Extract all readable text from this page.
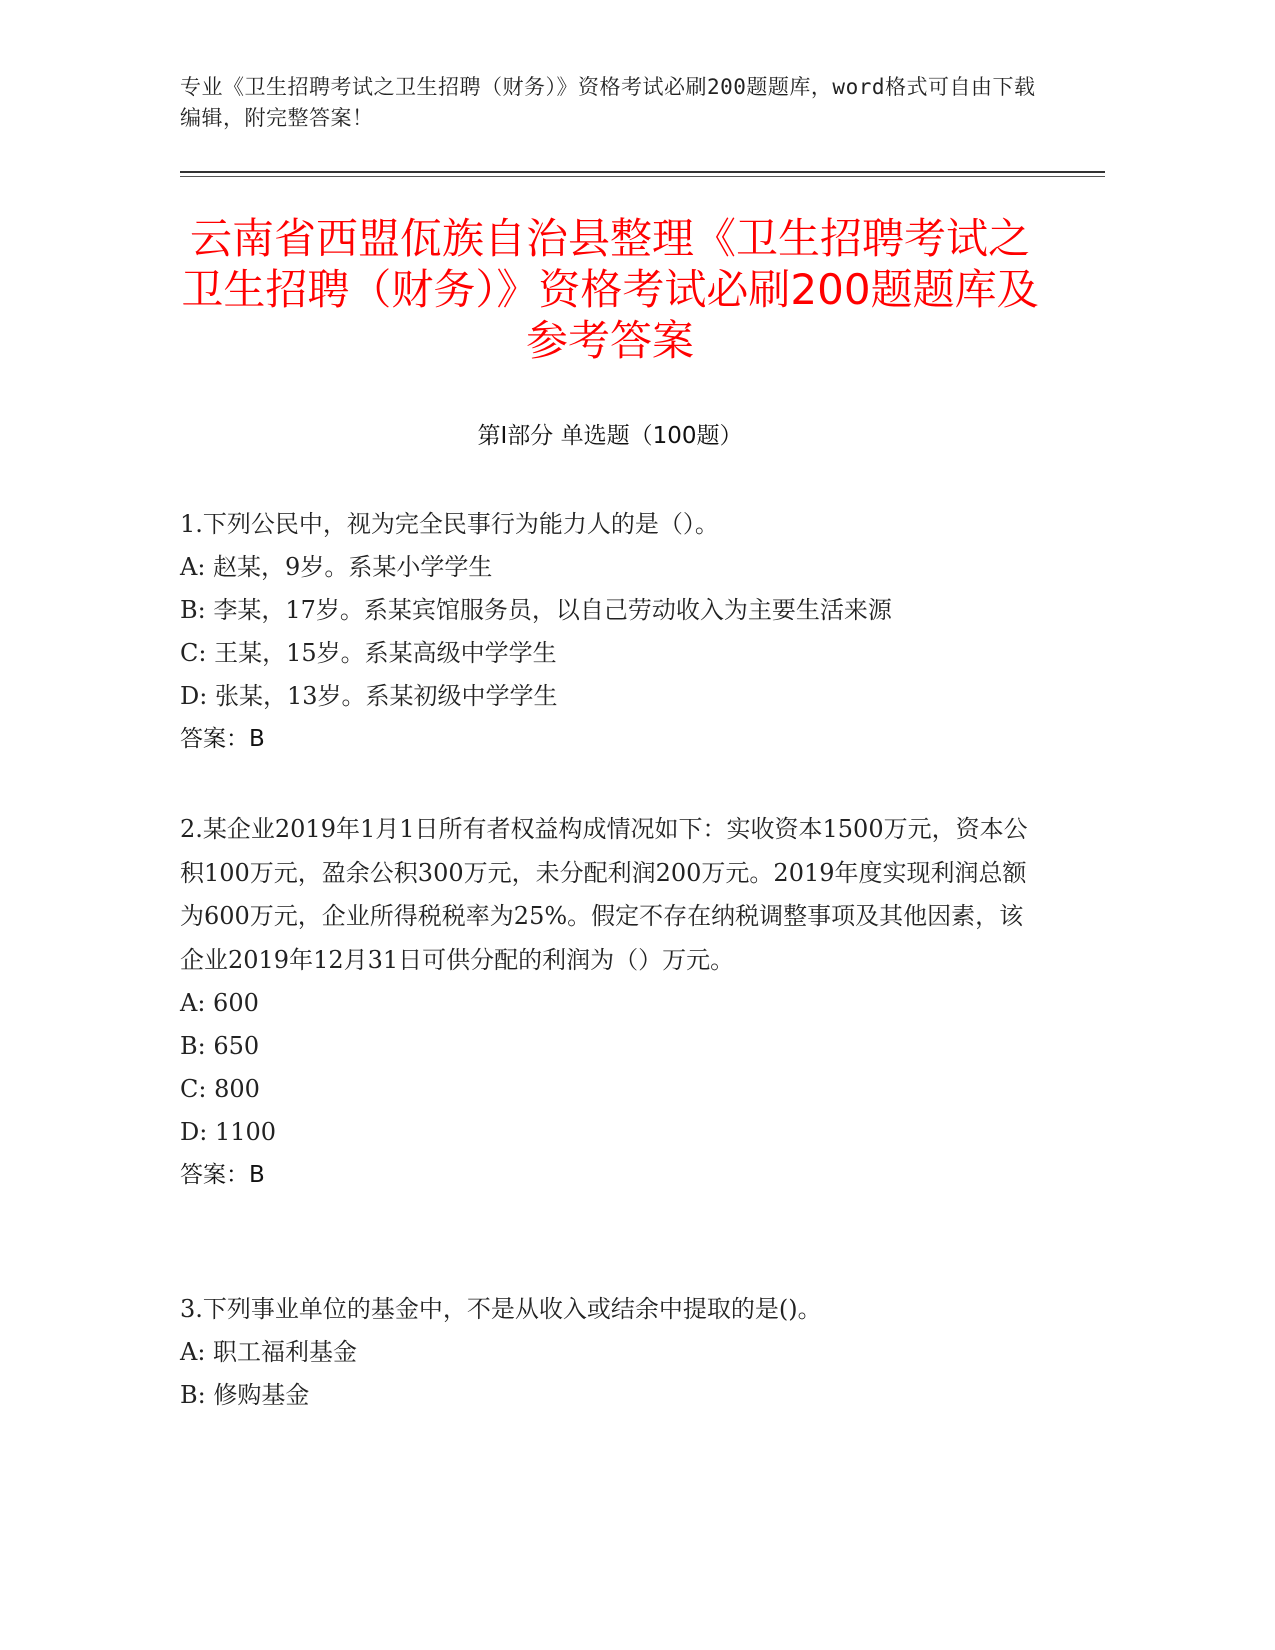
专业《卫生招聘考试之卫生招聘（财务）》资格考试必刷200题题库，word格式可自由下载编辑，附完整答案！
云南省西盟佤族自治县整理《卫生招聘考试之卫生招聘（财务）》资格考试必刷200题题库及参考答案
第Ⅰ部分 单选题（100题）
1.下列公民中，视为完全民事行为能力人的是（）。
A: 赵某，9岁。系某小学学生
B: 李某，17岁。系某宾馆服务员，以自己劳动收入为主要生活来源
C: 王某，15岁。系某高级中学学生
D: 张某，13岁。系某初级中学学生
答案：B
2.某企业2019年1月1日所有者权益构成情况如下：实收资本1500万元，资本公积100万元，盈余公积300万元，未分配利润200万元。2019年度实现利润总额为600万元，企业所得税税率为25%。假定不存在纳税调整事项及其他因素，该企业2019年12月31日可供分配的利润为（）万元。
A: 600
B: 650
C: 800
D: 1100
答案：B
3.下列事业单位的基金中，不是从收入或结余中提取的是()。
A: 职工福利基金
B: 修购基金
